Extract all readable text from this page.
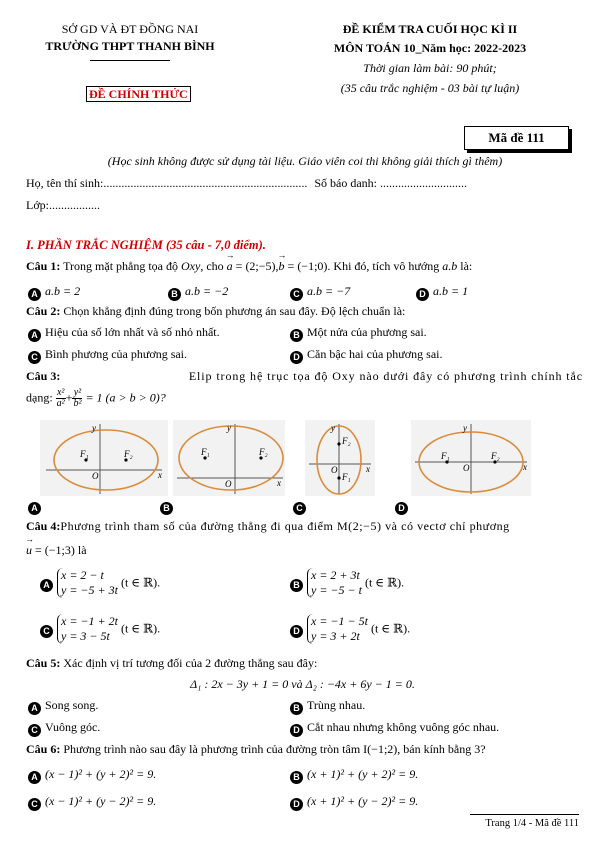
SỞ GD VÀ ĐT ĐỒNG NAI
TRƯỜNG THPT THANH BÌNH
ĐỀ CHÍNH THỨC
ĐỀ KIỂM TRA CUỐI HỌC KÌ II
MÔN TOÁN 10_Năm học: 2022-2023
Thời gian làm bài: 90 phút;
(35 câu trắc nghiệm - 03 bài tự luận)
Mã đề 111
(Học sinh không được sử dụng tài liệu. Giáo viên coi thi không giải thích gì thêm)
Họ, tên thí sinh:.................................................................... Số báo danh: .............................
Lớp:.................
I. PHẦN TRẮC NGHIỆM (35 câu - 7,0 điểm).
Câu 1: Trong mặt phẳng tọa độ Oxy, cho → a = (2;−5),→ b = (−1;0). Khi đó, tích vô hướng a.b là:
A a.b = 2	B a.b = −2	C a.b = −7	D a.b = 1
Câu 2: Chọn khẳng định đúng trong bốn phương án sau đây. Độ lệch chuẩn là:
A Hiệu của số lớn nhất và số nhỏ nhất.	B Một nửa của phương sai.
C Bình phương của phương sai.	D Căn bậc hai của phương sai.
Câu 3:	Elip trong hệ trục tọa độ Oxy nào dưới đây có phương trình chính tắc
dạng: $\frac{\text{x²}}{\text{a²}} + \frac{\text{y²}}{\text{b²}} = 1$ (a > b > 0)?
F₁	F₂
O
y
x
A
F₁	F₂
O
y
x
B
F₂
F₁
O
y
x
C
F₁	F₂
O
y
x
D
Câu 4: Phương trình tham số của đường thẳng đi qua điểm M(2;−5) và có vectơ chỉ phương
→ u = (−1;3) là
A
x = 2 − t
y = −5 + 3t
(t ∈ ℝ).	B
x = 2 + 3t
y = −5 − t
(t ∈ ℝ).
C
x = −1 + 2t
y = 3 − 5t
(t ∈ ℝ).	D
x = −1 − 5t
y = 3 + 2t
(t ∈ ℝ).
Câu 5: Xác định vị trí tương đối của 2 đường thẳng sau đây:
Δ₁ : 2x − 3y + 1 = 0 và Δ₂ : −4x + 6y − 1 = 0.
A Song song.	B Trùng nhau.
C Vuông góc.	D Cắt nhau nhưng không vuông góc nhau.
Câu 6: Phương trình nào sau đây là phương trình của đường tròn tâm I(−1;2), bán kính bằng 3?
A (x − 1)² + (y + 2)² = 9.	B (x + 1)² + (y + 2)² = 9.
C (x − 1)² + (y − 2)² = 9.	D (x + 1)² + (y − 2)² = 9.
Trang 1/4 - Mã đề 111
